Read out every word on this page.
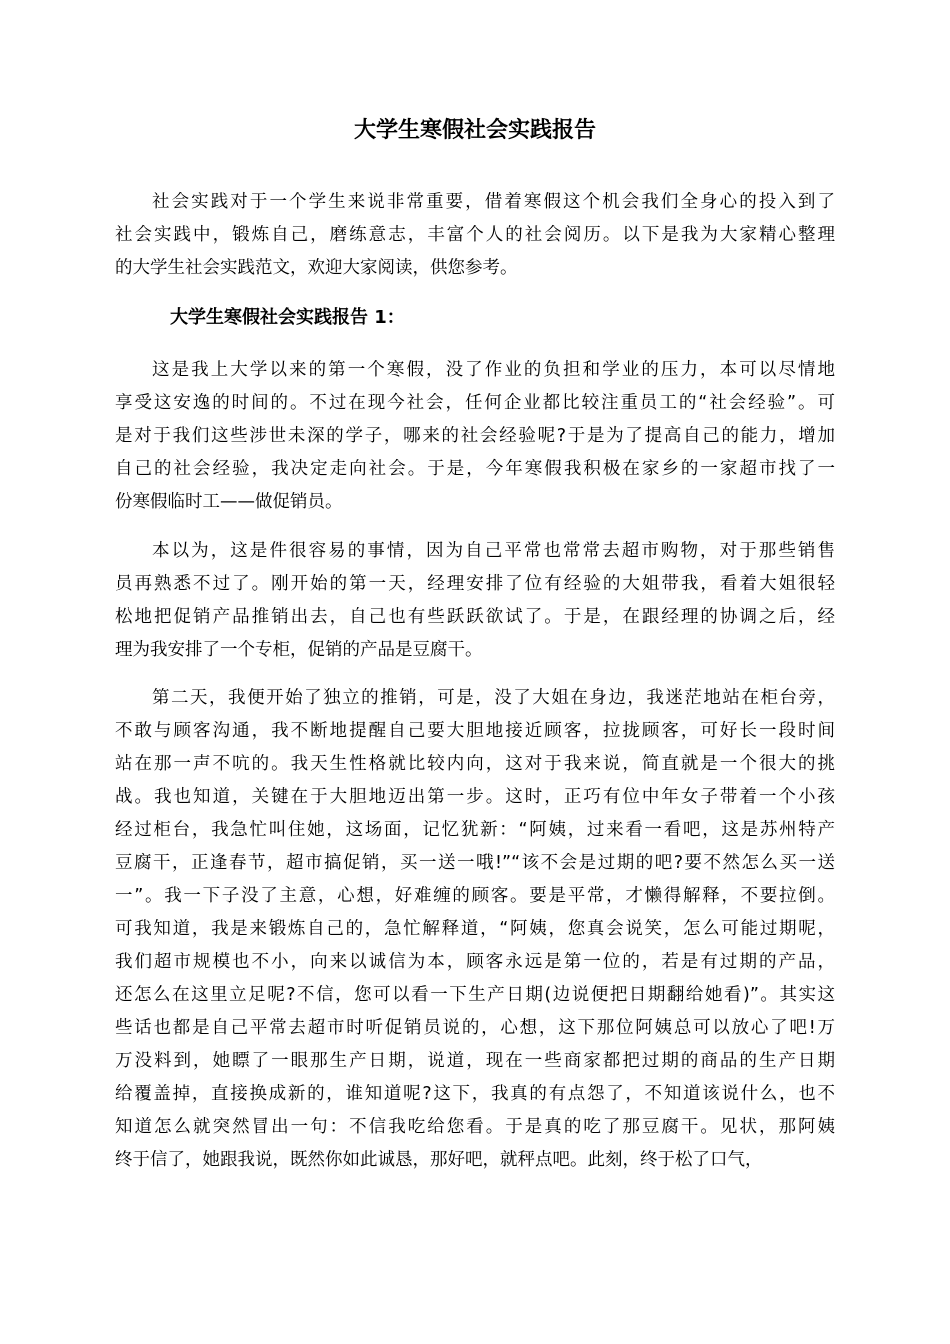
大学生寒假社会实践报告
社会实践对于一个学生来说非常重要，借着寒假这个机会我们全身心的投入到了
社会实践中，锻炼自己，磨练意志，丰富个人的社会阅历。以下是我为大家精心整理
的大学生社会实践范文，欢迎大家阅读，供您参考。
大学生寒假社会实践报告 1：
这是我上大学以来的第一个寒假，没了作业的负担和学业的压力，本可以尽情地
享受这安逸的时间的。不过在现今社会，任何企业都比较注重员工的“社会经验”。可
是对于我们这些涉世未深的学子，哪来的社会经验呢?于是为了提高自己的能力，增加
自己的社会经验，我决定走向社会。于是，今年寒假我积极在家乡的一家超市找了一
份寒假临时工——做促销员。
本以为，这是件很容易的事情，因为自己平常也常常去超市购物，对于那些销售
员再熟悉不过了。刚开始的第一天，经理安排了位有经验的大姐带我，看着大姐很轻
松地把促销产品推销出去，自己也有些跃跃欲试了。于是，在跟经理的协调之后，经
理为我安排了一个专柜，促销的产品是豆腐干。
第二天，我便开始了独立的推销，可是，没了大姐在身边，我迷茫地站在柜台旁，
不敢与顾客沟通，我不断地提醒自己要大胆地接近顾客，拉拢顾客，可好长一段时间
站在那一声不吭的。我天生性格就比较内向，这对于我来说，简直就是一个很大的挑
战。我也知道，关键在于大胆地迈出第一步。这时，正巧有位中年女子带着一个小孩
经过柜台，我急忙叫住她，这场面，记忆犹新：“阿姨，过来看一看吧，这是苏州特产
豆腐干，正逢春节，超市搞促销，买一送一哦!”“该不会是过期的吧?要不然怎么买一送
一”。我一下子没了主意，心想，好难缠的顾客。要是平常，才懒得解释，不要拉倒。
可我知道，我是来锻炼自己的，急忙解释道，“阿姨，您真会说笑，怎么可能过期呢，
我们超市规模也不小，向来以诚信为本，顾客永远是第一位的，若是有过期的产品，
还怎么在这里立足呢?不信，您可以看一下生产日期(边说便把日期翻给她看)”。其实这
些话也都是自己平常去超市时听促销员说的，心想，这下那位阿姨总可以放心了吧!万
万没料到，她瞟了一眼那生产日期，说道，现在一些商家都把过期的商品的生产日期
给覆盖掉，直接换成新的，谁知道呢?这下，我真的有点怨了，不知道该说什么，也不
知道怎么就突然冒出一句：不信我吃给您看。于是真的吃了那豆腐干。见状，那阿姨
终于信了，她跟我说，既然你如此诚恳，那好吧，就秤点吧。此刻，终于松了口气，
